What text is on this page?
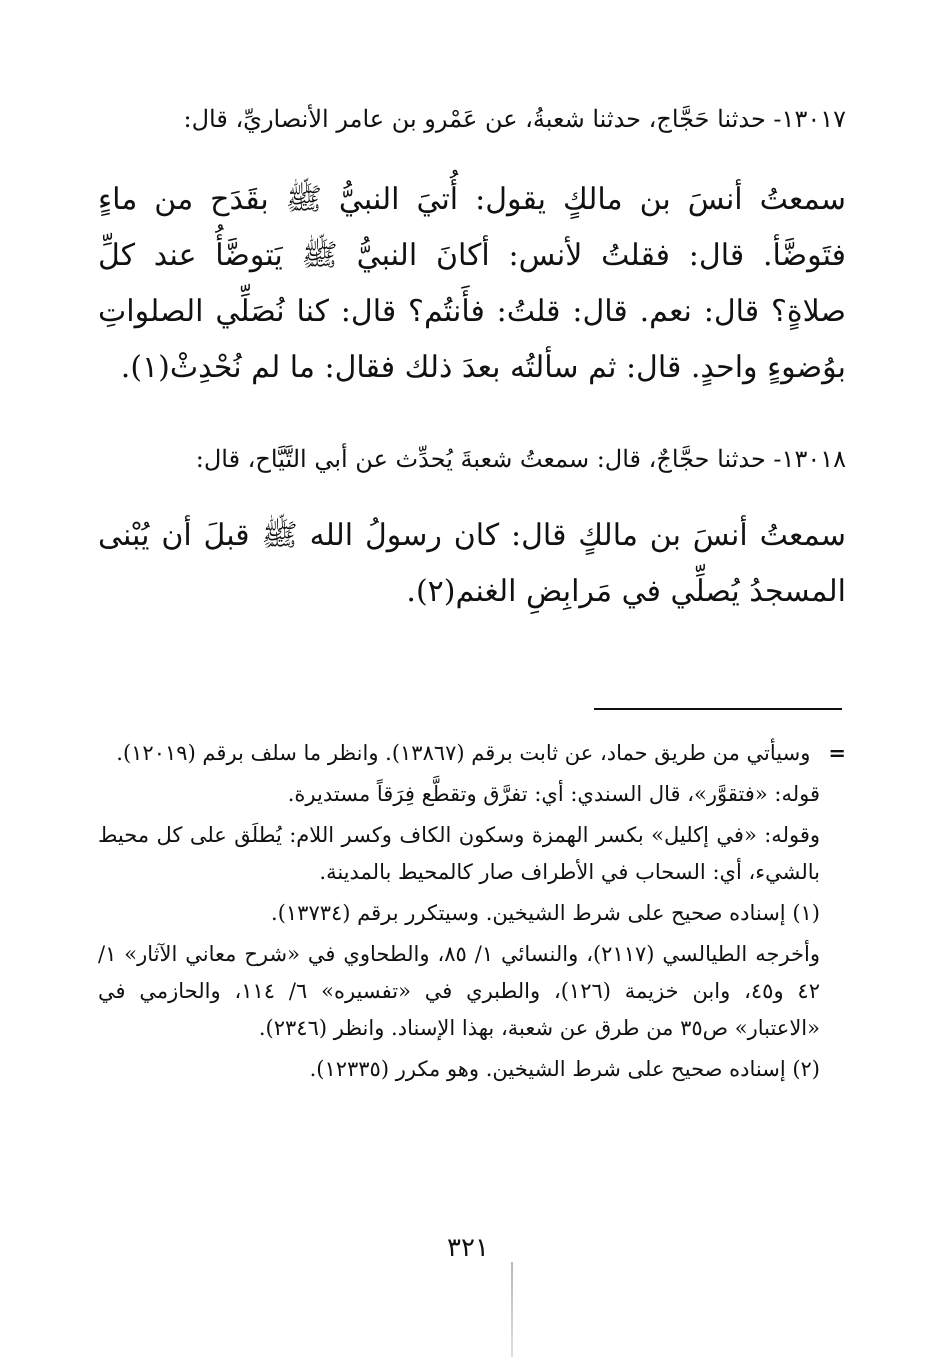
١٣٠١٧- حدثنا حَجَّاج، حدثنا شعبةُ، عن عَمْرو بن عامر الأنصاريِّ، قال:
سمعتُ أنسَ بن مالكٍ يقول: أُتيَ النبيُّ ﷺ بقَدَح من ماءٍ فتَوضَّأ. قال: فقلتُ لأنس: أكانَ النبيُّ ﷺ يَتوضَّأُ عند كلِّ صلاةٍ؟ قال: نعم. قال: قلتُ: فأَنتُم؟ قال: كنا نُصَلِّي الصلواتِ بوُضوءٍ واحدٍ. قال: ثم سألتُه بعدَ ذلك فقال: ما لم نُحْدِثْ(١).
١٣٠١٨- حدثنا حجَّاجٌ، قال: سمعتُ شعبةَ يُحدِّث عن أبي التَّيَّاح، قال:
سمعتُ أنسَ بن مالكٍ قال: كان رسولُ الله ﷺ قبلَ أن يُبْنى المسجدُ يُصلِّي في مَرابِضِ الغنم(٢).

=وسيأتي من طريق حماد، عن ثابت برقم (١٣٨٦٧). وانظر ما سلف برقم (١٢٠١٩).

قوله: «فتقوَّر»، قال السندي: أي: تفرَّق وتقطَّع فِرَقاً مستديرة.

وقوله: «في إكليل» بكسر الهمزة وسكون الكاف وكسر اللام: يُطلَق على كل محيط بالشيء، أي: السحاب في الأطراف صار كالمحيط بالمدينة.

(١) إسناده صحيح على شرط الشيخين. وسيتكرر برقم (١٣٧٣٤).

وأخرجه الطيالسي (٢١١٧)، والنسائي ١/ ٨٥، والطحاوي في «شرح معاني الآثار» ١/ ٤٢ و٤٥، وابن خزيمة (١٢٦)، والطبري في «تفسيره» ٦/ ١١٤، والحازمي في «الاعتبار» ص٣٥ من طرق عن شعبة، بهذا الإسناد. وانظر (٢٣٤٦).

(٢) إسناده صحيح على شرط الشيخين. وهو مكرر (١٢٣٣٥).

٣٢١
